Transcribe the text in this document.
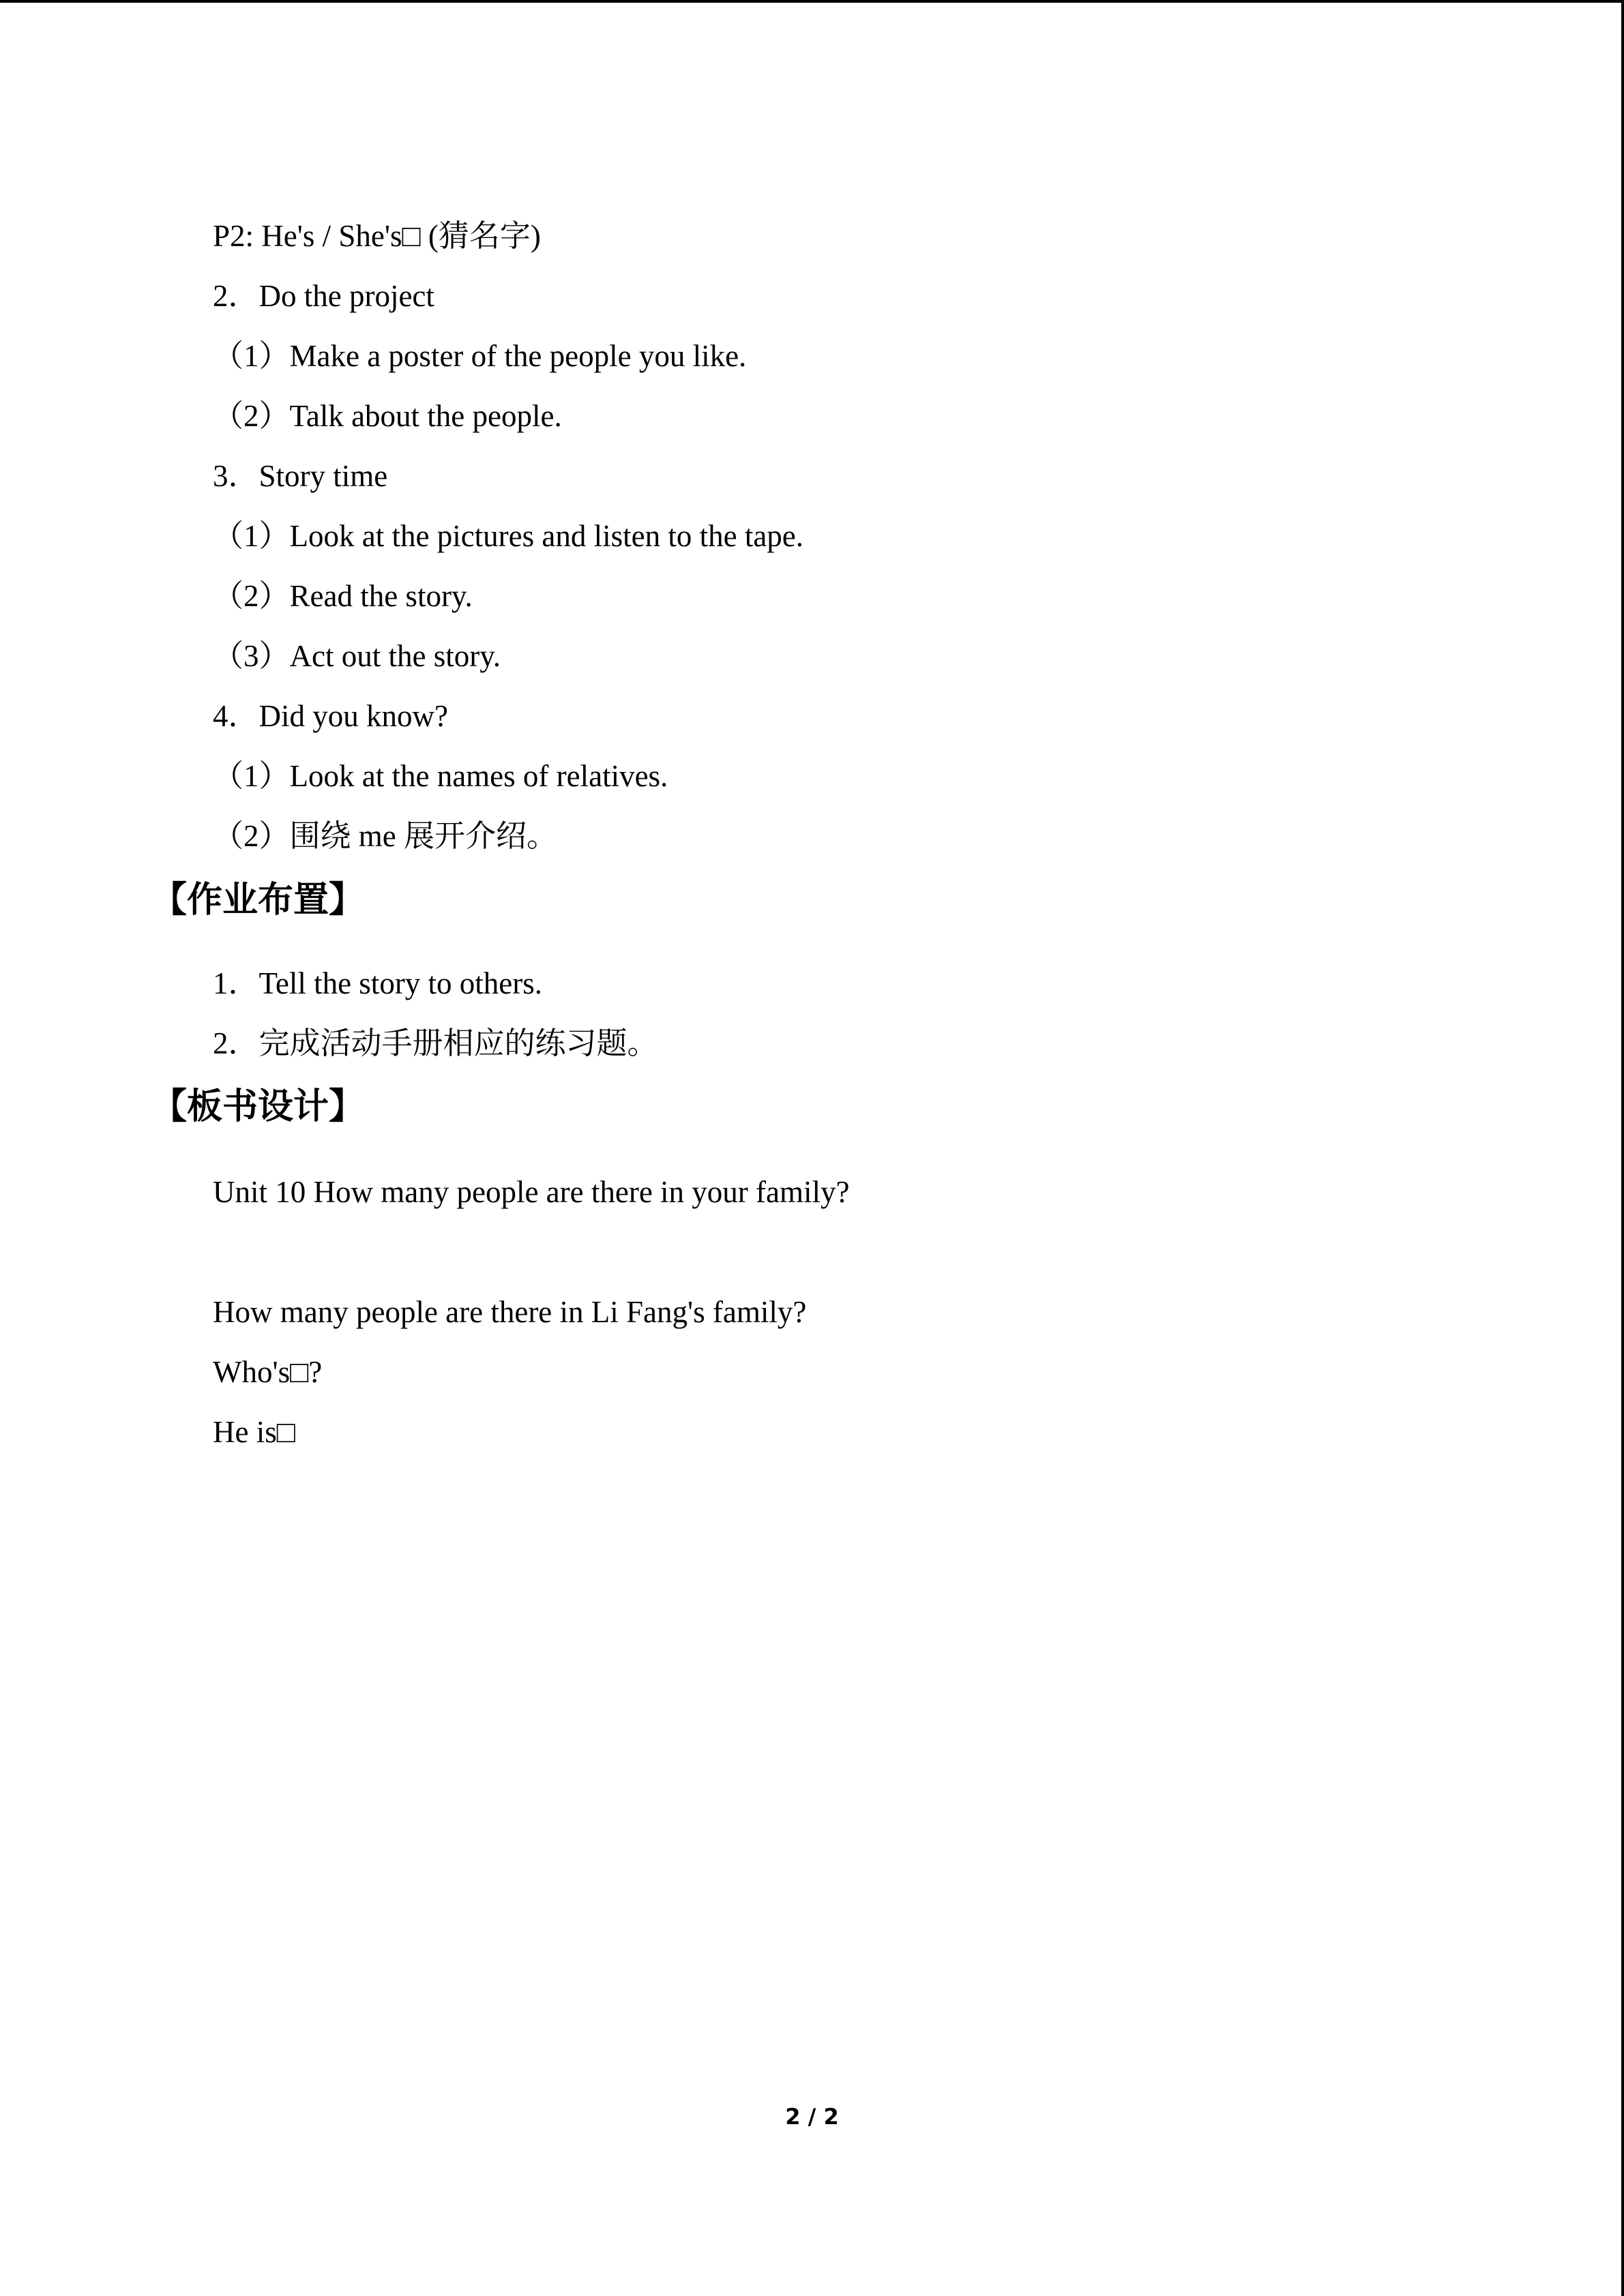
P2: He's / She's□ (猜名字)
2．Do the project
（1）Make a poster of the people you like.
（2）Talk about the people.
3．Story time
（1）Look at the pictures and listen to the tape.
（2）Read the story.
（3）Act out the story.
4．Did you know?
（1）Look at the names of relatives.
（2）围绕 me 展开介绍。
【作业布置】
1．Tell the story to others.
2．完成活动手册相应的练习题。
【板书设计】
Unit 10 How many people are there in your family?
How many people are there in Li Fang's family?
Who's□?
He is□
2 / 2
